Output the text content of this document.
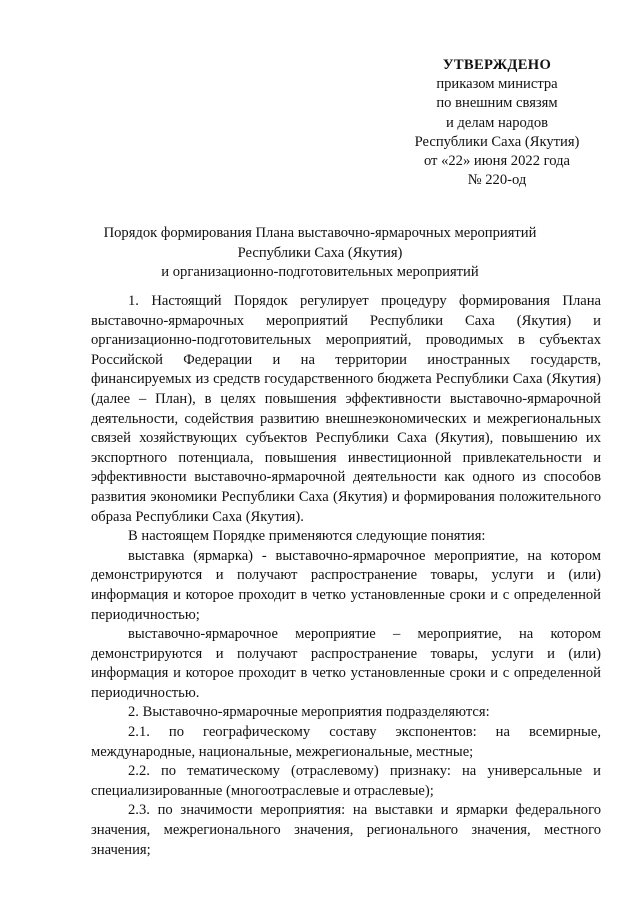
УТВЕРЖДЕНО
приказом министра
по внешним связям
и делам народов
Республики Саха (Якутия)
от «22» июня 2022 года
№ 220-од
Порядок формирования Плана выставочно-ярмарочных мероприятий
Республики Саха (Якутия)
и организационно-подготовительных мероприятий

1. Настоящий Порядок регулирует процедуру формирования Плана выставочно-ярмарочных мероприятий Республики Саха (Якутия) и организационно-подготовительных мероприятий, проводимых в субъектах Российской Федерации и на территории иностранных государств, финансируемых из средств государственного бюджета Республики Саха (Якутия) (далее – План), в целях повышения эффективности выставочно-ярмарочной деятельности, содействия развитию внешнеэкономических и межрегиональных связей хозяйствующих субъектов Республики Саха (Якутия), повышению их экспортного потенциала, повышения инвестиционной привлекательности и эффективности выставочно-ярмарочной деятельности как одного из способов развития экономики Республики Саха (Якутия) и формирования положительного образа Республики Саха (Якутия).

В настоящем Порядке применяются следующие понятия:

выставка (ярмарка) - выставочно-ярмарочное мероприятие, на котором демонстрируются и получают распространение товары, услуги и (или) информация и которое проходит в четко установленные сроки и с определенной периодичностью;

выставочно-ярмарочное мероприятие – мероприятие, на котором демонстрируются и получают распространение товары, услуги и (или) информация и которое проходит в четко установленные сроки и с определенной периодичностью.

2. Выставочно-ярмарочные мероприятия подразделяются:

2.1. по географическому составу экспонентов: на всемирные, международные, национальные, межрегиональные, местные;

2.2. по тематическому (отраслевому) признаку: на универсальные и специализированные (многоотраслевые и отраслевые);

2.3. по значимости мероприятия: на выставки и ярмарки федерального значения, межрегионального значения, регионального значения, местного значения;
